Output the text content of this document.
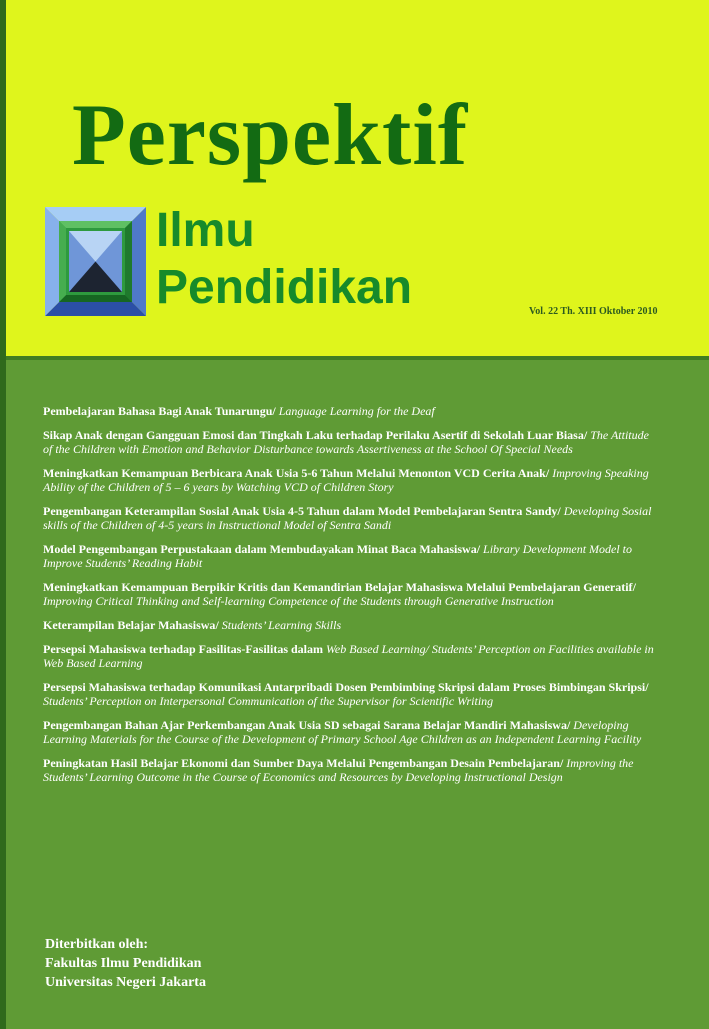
Perspektif
Ilmu
Pendidikan	Vol. 22 Th. XIII Oktober 2010
Pembelajaran Bahasa Bagi Anak Tunarungu/ Language Learning for the Deaf
Sikap Anak dengan Gangguan Emosi dan Tingkah Laku terhadap Perilaku Asertif di Sekolah Luar Biasa/ The Attitude of the Children with Emotion and Behavior Disturbance towards Assertiveness at the School Of Special Needs
Meningkatkan Kemampuan Berbicara Anak Usia 5-6 Tahun Melalui Menonton VCD Cerita Anak/ Improving Speaking Ability of the Children of 5 – 6 years by Watching VCD of Children Story
Pengembangan Keterampilan Sosial Anak Usia 4-5 Tahun dalam Model Pembelajaran Sentra Sandy/ Developing Sosial skills of the Children of 4-5 years in Instructional Model of Sentra Sandi
Model Pengembangan Perpustakaan dalam Membudayakan Minat Baca Mahasiswa/ Library Development Model to Improve Students’ Reading Habit
Meningkatkan Kemampuan Berpikir Kritis dan Kemandirian Belajar Mahasiswa Melalui Pembelajaran Generatif/ Improving Critical Thinking and Self-learning Competence of the Students through Generative Instruction
Keterampilan Belajar Mahasiswa/ Students’ Learning Skills
Persepsi Mahasiswa terhadap Fasilitas-Fasilitas dalam Web Based Learning/ Students’ Perception on Facilities available in Web Based Learning
Persepsi Mahasiswa terhadap Komunikasi Antarpribadi Dosen Pembimbing Skripsi dalam Proses Bimbingan Skripsi/ Students’ Perception on Interpersonal Communication of the Supervisor for Scientific Writing
Pengembangan Bahan Ajar Perkembangan Anak Usia SD sebagai Sarana Belajar Mandiri Mahasiswa/ Developing Learning Materials for the Course of the Development of Primary School Age Children as an Independent Learning Facility
Peningkatan Hasil Belajar Ekonomi dan Sumber Daya Melalui Pengembangan Desain Pembelajaran/ Improving the Students’ Learning Outcome in the Course of Economics and Resources by Developing Instructional Design
Diterbitkan oleh:
Fakultas Ilmu Pendidikan
Universitas Negeri Jakarta
